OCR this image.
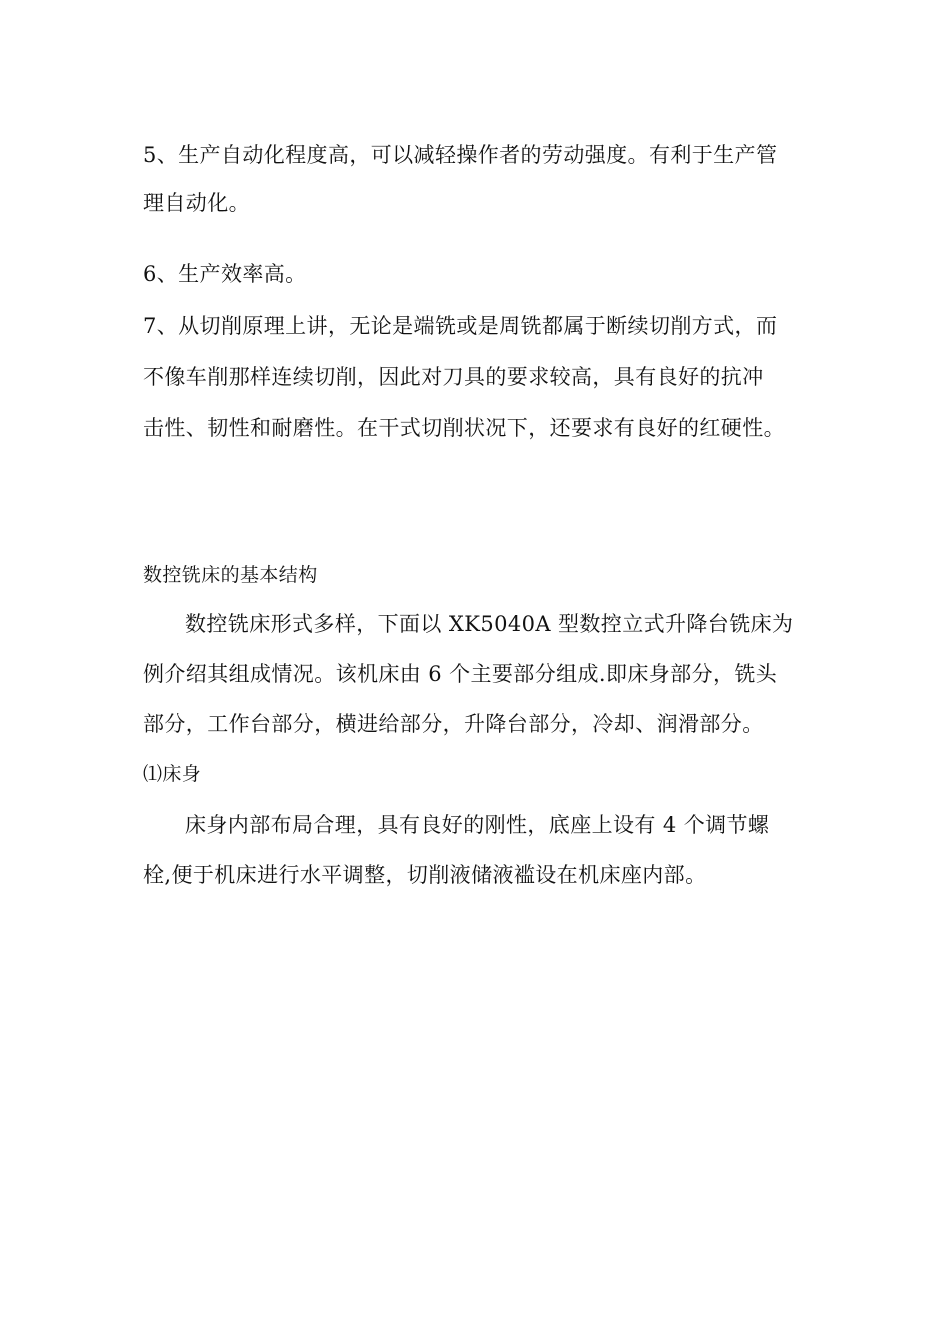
5、生产自动化程度高，可以减轻操作者的劳动强度。有利于生产管
理自动化。
6、生产效率高。
7、从切削原理上讲，无论是端铣或是周铣都属于断续切削方式，而
不像车削那样连续切削，因此对刀具的要求较高，具有良好的抗冲
击性、韧性和耐磨性。在干式切削状况下，还要求有良好的红硬性。
数控铣床的基本结构
数控铣床形式多样，下面以 XK5040A 型数控立式升降台铣床为
例介绍其组成情况。该机床由 6 个主要部分组成.即床身部分，铣头
部分，工作台部分，横进给部分，升降台部分，冷却、润滑部分。
⑴床身
床身内部布局合理，具有良好的刚性，底座上设有 4 个调节螺
栓,便于机床进行水平调整，切削液储液褴设在机床座内部。
